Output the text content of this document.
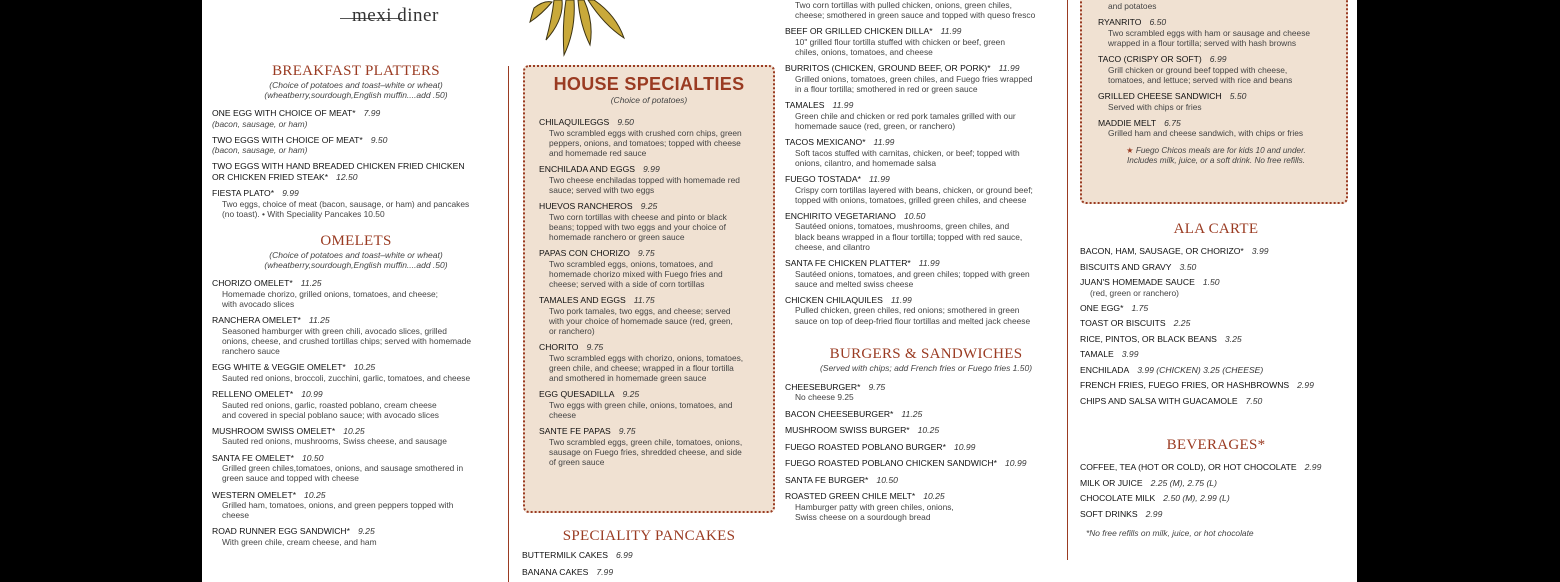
mexi diner
BREAKFAST PLATTERS
(Choice of potatoes and toast–white or wheat)
(wheatberry,sourdough,English muffin....add .50)
ONE EGG WITH CHOICE OF MEAT* 7.99
(bacon, sausage, or ham)
TWO EGGS WITH CHOICE OF MEAT* 9.50
(bacon, sausage, or ham)
TWO EGGS WITH HAND BREADED CHICKEN FRIED CHICKEN
OR CHICKEN FRIED STEAK* 12.50
FIESTA PLATO* 9.99
Two eggs, choice of meat (bacon, sausage, or ham) and pancakes
(no toast). • With Speciality Pancakes 10.50
OMELETS
(Choice of potatoes and toast–white or wheat)
(wheatberry,sourdough,English muffin....add .50)
CHORIZO OMELET* 11.25
Homemade chorizo, grilled onions, tomatoes, and cheese;
with avocado slices
RANCHERA OMELET* 11.25
Seasoned hamburger with green chili, avocado slices, grilled
onions, cheese, and crushed tortillas chips; served with homemade
ranchero sauce
EGG WHITE & VEGGIE OMELET* 10.25
Sauted red onions, broccoli, zucchini, garlic, tomatoes, and cheese
RELLENO OMELET* 10.99
Sauted red onions, garlic, roasted poblano, cream cheese
and covered in special poblano sauce; with avocado slices
MUSHROOM SWISS OMELET* 10.25
Sauted red onions, mushrooms, Swiss cheese, and sausage
SANTA FE OMELET* 10.50
Grilled green chiles,tomatoes, onions, and sausage smothered in
green sauce and topped with cheese
WESTERN OMELET* 10.25
Grilled ham, tomatoes, onions, and green peppers topped with
cheese
ROAD RUNNER EGG SANDWICH* 9.25
With green chile, cream cheese, and ham
HOUSE SPECIALTIES
(Choice of potatoes)
CHILAQUILEGGS 9.50
Two scrambled eggs with crushed corn chips, green
peppers, onions, and tomatoes; topped with cheese
and homemade red sauce
ENCHILADA AND EGGS 9.99
Two cheese enchiladas topped with homemade red
sauce; served with two eggs
HUEVOS RANCHEROS 9.25
Two corn tortillas with cheese and pinto or black
beans; topped with two eggs and your choice of
homemade ranchero or green sauce
PAPAS CON CHORIZO 9.75
Two scrambled eggs, onions, tomatoes, and
homemade chorizo mixed with Fuego fries and
cheese; served with a side of corn tortillas
TAMALES AND EGGS 11.75
Two pork tamales, two eggs, and cheese; served
with your choice of homemade sauce (red, green,
or ranchero)
CHORITO 9.75
Two scrambled eggs with chorizo, onions, tomatoes,
green chile, and cheese; wrapped in a flour tortilla
and smothered in homemade green sauce
EGG QUESADILLA 9.25
Two eggs with green chile, onions, tomatoes, and
cheese
SANTE FE PAPAS 9.75
Two scrambled eggs, green chile, tomatoes, onions,
sausage on Fuego fries, shredded cheese, and side
of green sauce
SPECIALITY PANCAKES
BUTTERMILK CAKES 6.99
BANANA CAKES 7.99
Two corn tortillas with pulled chicken, onions, green chiles,
cheese; smothered in green sauce and topped with queso fresco
BEEF OR GRILLED CHICKEN DILLA* 11.99
10" grilled flour tortilla stuffed with chicken or beef, green
chiles, onions, tomatoes, and cheese
BURRITOS (CHICKEN, GROUND BEEF, OR PORK)* 11.99
Grilled onions, tomatoes, green chiles, and Fuego fries wrapped
in a flour tortilla; smothered in red or green sauce
TAMALES 11.99
Green chile and chicken or red pork tamales grilled with our
homemade sauce (red, green, or ranchero)
TACOS MEXICANO* 11.99
Soft tacos stuffed with carnitas, chicken, or beef; topped with
onions, cilantro, and homemade salsa
FUEGO TOSTADA* 11.99
Crispy corn tortillas layered with beans, chicken, or ground beef;
topped with onions, tomatoes, grilled green chiles, and cheese
ENCHIRITO VEGETARIANO 10.50
Sautéed onions, tomatoes, mushrooms, green chiles, and
black beans wrapped in a flour tortilla; topped with red sauce,
cheese, and cilantro
SANTA FE CHICKEN PLATTER* 11.99
Sautéed onions, tomatoes, and green chiles; topped with green
sauce and melted swiss cheese
CHICKEN CHILAQUILES 11.99
Pulled chicken, green chiles, red onions; smothered in green
sauce on top of deep-fried flour tortillas and melted jack cheese
BURGERS & SANDWICHES
(Served with chips; add French fries or Fuego fries 1.50)
CHEESEBURGER* 9.75
No cheese 9.25
BACON CHEESEBURGER* 11.25
MUSHROOM SWISS BURGER* 10.25
FUEGO ROASTED POBLANO BURGER* 10.99
FUEGO ROASTED POBLANO CHICKEN SANDWICH* 10.99
SANTA FE BURGER* 10.50
ROASTED GREEN CHILE MELT* 10.25
Hamburger patty with green chiles, onions,
Swiss cheese on a sourdough bread
and potatoes
RYANRITO 6.50
Two scrambled eggs with ham or sausage and cheese
wrapped in a flour tortilla; served with hash browns
TACO (CRISPY OR SOFT) 6.99
Grill chicken or ground beef topped with cheese,
tomatoes, and lettuce; served with rice and beans
GRILLED CHEESE SANDWICH 5.50
Served with chips or fries
MADDIE MELT 6.75
Grilled ham and cheese sandwich, with chips or fries
★ Fuego Chicos meals are for kids 10 and under.
Includes milk, juice, or a soft drink. No free refills.
ALA CARTE
BACON, HAM, SAUSAGE, OR CHORIZO* 3.99
BISCUITS AND GRAVY 3.50
JUAN'S HOMEMADE SAUCE 1.50
(red, green or ranchero)
ONE EGG* 1.75
TOAST OR BISCUITS 2.25
RICE, PINTOS, OR BLACK BEANS 3.25
TAMALE 3.99
ENCHILADA 3.99 (CHICKEN) 3.25 (CHEESE)
FRENCH FRIES, FUEGO FRIES, OR HASHBROWNS 2.99
CHIPS AND SALSA WITH GUACAMOLE 7.50
BEVERAGES*
COFFEE, TEA (HOT OR COLD), OR HOT CHOCOLATE 2.99
MILK OR JUICE 2.25 (M), 2.75 (L)
CHOCOLATE MILK 2.50 (M), 2.99 (L)
SOFT DRINKS 2.99
*No free refills on milk, juice, or hot chocolate
